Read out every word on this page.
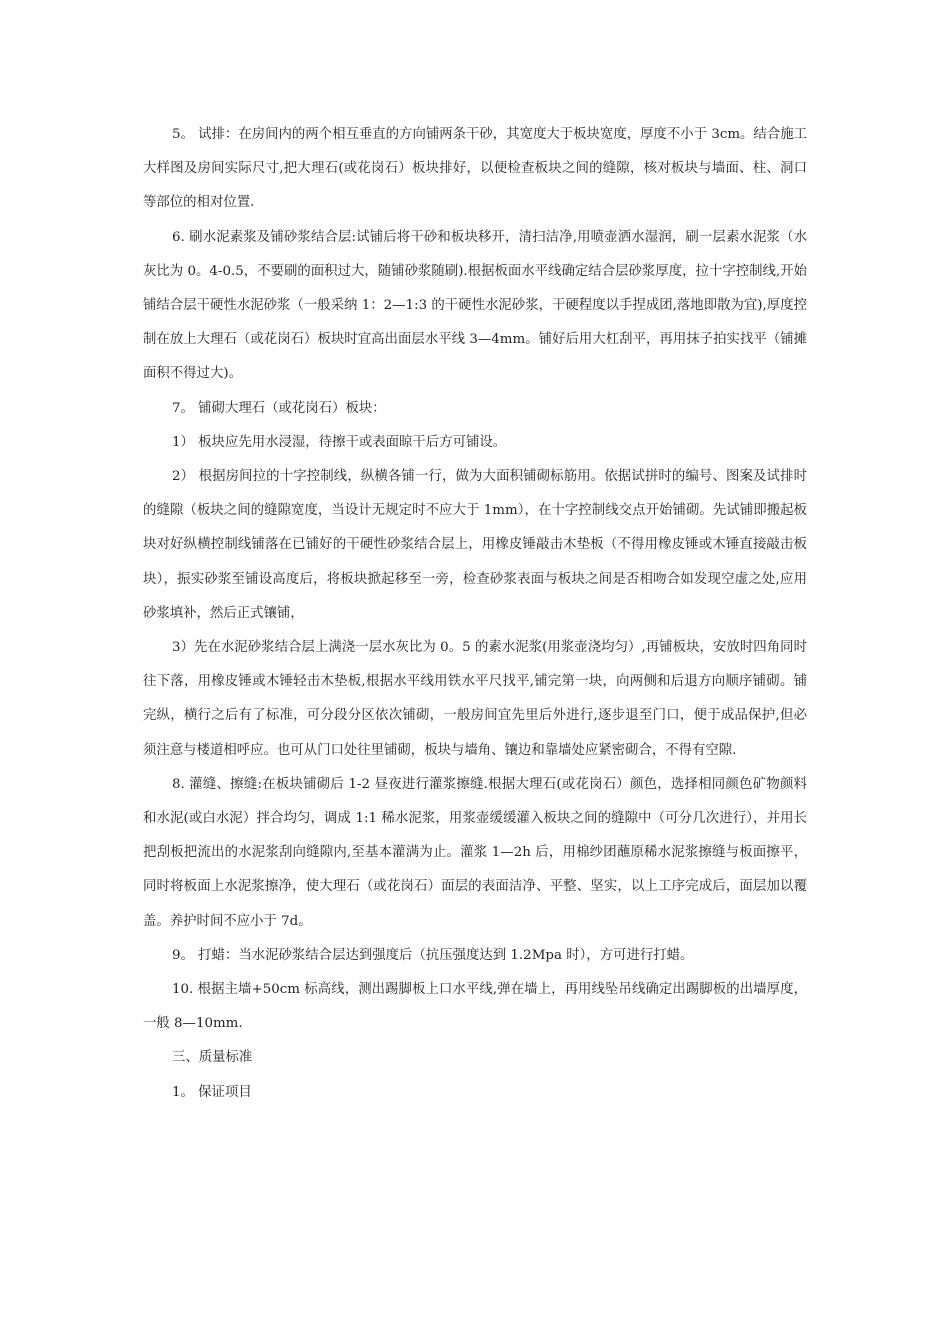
5。 试排：在房间内的两个相互垂直的方向铺两条干砂，其宽度大于板块宽度，厚度不小于 3cm。结合施工大样图及房间实际尺寸,把大理石(或花岗石）板块排好，以便检查板块之间的缝隙，核对板块与墙面、柱、洞口等部位的相对位置.

6. 刷水泥素浆及铺砂浆结合层:试铺后将干砂和板块移开，清扫洁净,用喷壶洒水湿润，刷一层素水泥浆（水灰比为 0。4-0.5，不要刷的面积过大，随铺砂浆随刷).根据板面水平线确定结合层砂浆厚度，拉十字控制线,开始铺结合层干硬性水泥砂浆（一般采纳 1：2—1:3 的干硬性水泥砂浆，干硬程度以手捏成团,落地即散为宜),厚度控制在放上大理石（或花岗石）板块时宜高出面层水平线 3—4mm。铺好后用大杠刮平，再用抹子拍实找平（铺摊面积不得过大)。

7。 铺砌大理石（或花岗石）板块：

1） 板块应先用水浸湿，待擦干或表面晾干后方可铺设。

2） 根据房间拉的十字控制线，纵横各铺一行，做为大面积铺砌标筋用。依据试拼时的编号、图案及试排时的缝隙（板块之间的缝隙宽度，当设计无规定时不应大于 1mm），在十字控制线交点开始铺砌。先试铺即搬起板块对好纵横控制线铺落在已铺好的干硬性砂浆结合层上，用橡皮锤敲击木垫板（不得用橡皮锤或木锤直接敲击板块），振实砂浆至铺设高度后，将板块掀起移至一旁，检查砂浆表面与板块之间是否相吻合如发现空虚之处,应用砂浆填补，然后正式镶铺，

3）先在水泥砂浆结合层上满浇一层水灰比为 0。5 的素水泥浆(用浆壶浇均匀）,再铺板块，安放时四角同时往下落，用橡皮锤或木锤轻击木垫板,根据水平线用铁水平尺找平,铺完第一块，向两侧和后退方向顺序铺砌。铺完纵，横行之后有了标准，可分段分区依次铺砌，一般房间宜先里后外进行,逐步退至门口，便于成品保护,但必须注意与楼道相呼应。也可从门口处往里铺砌，板块与墙角、镶边和靠墙处应紧密砌合，不得有空隙.

8. 灌缝、擦缝:在板块铺砌后 1-2 昼夜进行灌浆擦缝.根据大理石(或花岗石）颜色，选择相同颜色矿物颜料和水泥(或白水泥）拌合均匀，调成 1:1 稀水泥浆，用浆壶缓缓灌入板块之间的缝隙中（可分几次进行），并用长把刮板把流出的水泥浆刮向缝隙内,至基本灌满为止。灌浆 1—2h 后，用棉纱团蘸原稀水泥浆擦缝与板面擦平，同时将板面上水泥浆擦净，使大理石（或花岗石）面层的表面洁净、平整、坚实，以上工序完成后，面层加以覆盖。养护时间不应小于 7d。

9。 打蜡：当水泥砂浆结合层达到强度后（抗压强度达到 1.2Mpa 时），方可进行打蜡。

10. 根据主墙+50cm 标高线，测出踢脚板上口水平线,弹在墙上，再用线坠吊线确定出踢脚板的出墙厚度，一般 8—10mm.

三、质量标准

1。 保证项目
